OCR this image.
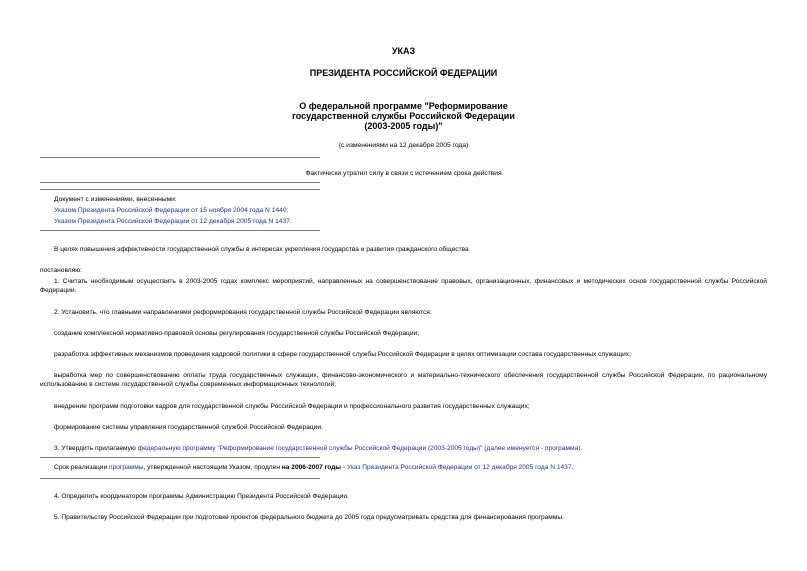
УКАЗ
ПРЕЗИДЕНТА РОССИЙСКОЙ ФЕДЕРАЦИИ
О федеральной программе "Реформирование
государственной службы Российской Федерации
(2003-2005 годы)"
(с изменениями на 12 декабря 2005 года)
Фактически утратил силу в связи с истечением срока действия
Документ с изменениями, внесенными:
Указом Президента Российской Федерации от 15 ноября 2004 года N 1440;
Указом Президента Российской Федерации от 12 декабря 2005 года N 1437.
В целях повышения эффективности государственной службы в интересах укрепления государства и развития гражданского общества
постановляю:
1. Считать необходимым осуществить в 2003-2005 годах комплекс мероприятий, направленных на совершенствование правовых, организационных, финансовых и методических основ государственной службы Российской Федерации.
2. Установить, что главными направлениями реформирования государственной службы Российской Федерации являются:
создание комплексной нормативно-правовой основы регулирования государственной службы Российской Федерации;
разработка эффективных механизмов проведения кадровой политики в сфере государственной службы Российской Федерации в целях оптимизации состава государственных служащих;
выработка мер по совершенствованию оплаты труда государственных служащих, финансово-экономического и материально-технического обеспечения государственной службы Российской Федерации, по рациональному использованию в системе государственной службы современных информационных технологий;
внедрение программ подготовки кадров для государственной службы Российской Федерации и профессионального развития государственных служащих;
формирование системы управления государственной службой Российской Федерации.
3. Утвердить прилагаемую федеральную программу "Реформирование государственной службы Российской Федерации (2003-2005 годы)" (далее именуется - программа).
Срок реализации программы, утвержденной настоящим Указом, продлен на 2006-2007 годы - Указ Президента Российской Федерации от 12 декабря 2005 года N 1437.
4. Определить координатором программы Администрацию Президента Российской Федерации.
5. Правительству Российской Федерации при подготовке проектов федерального бюджета до 2005 года предусматривать средства для финансирования программы.
